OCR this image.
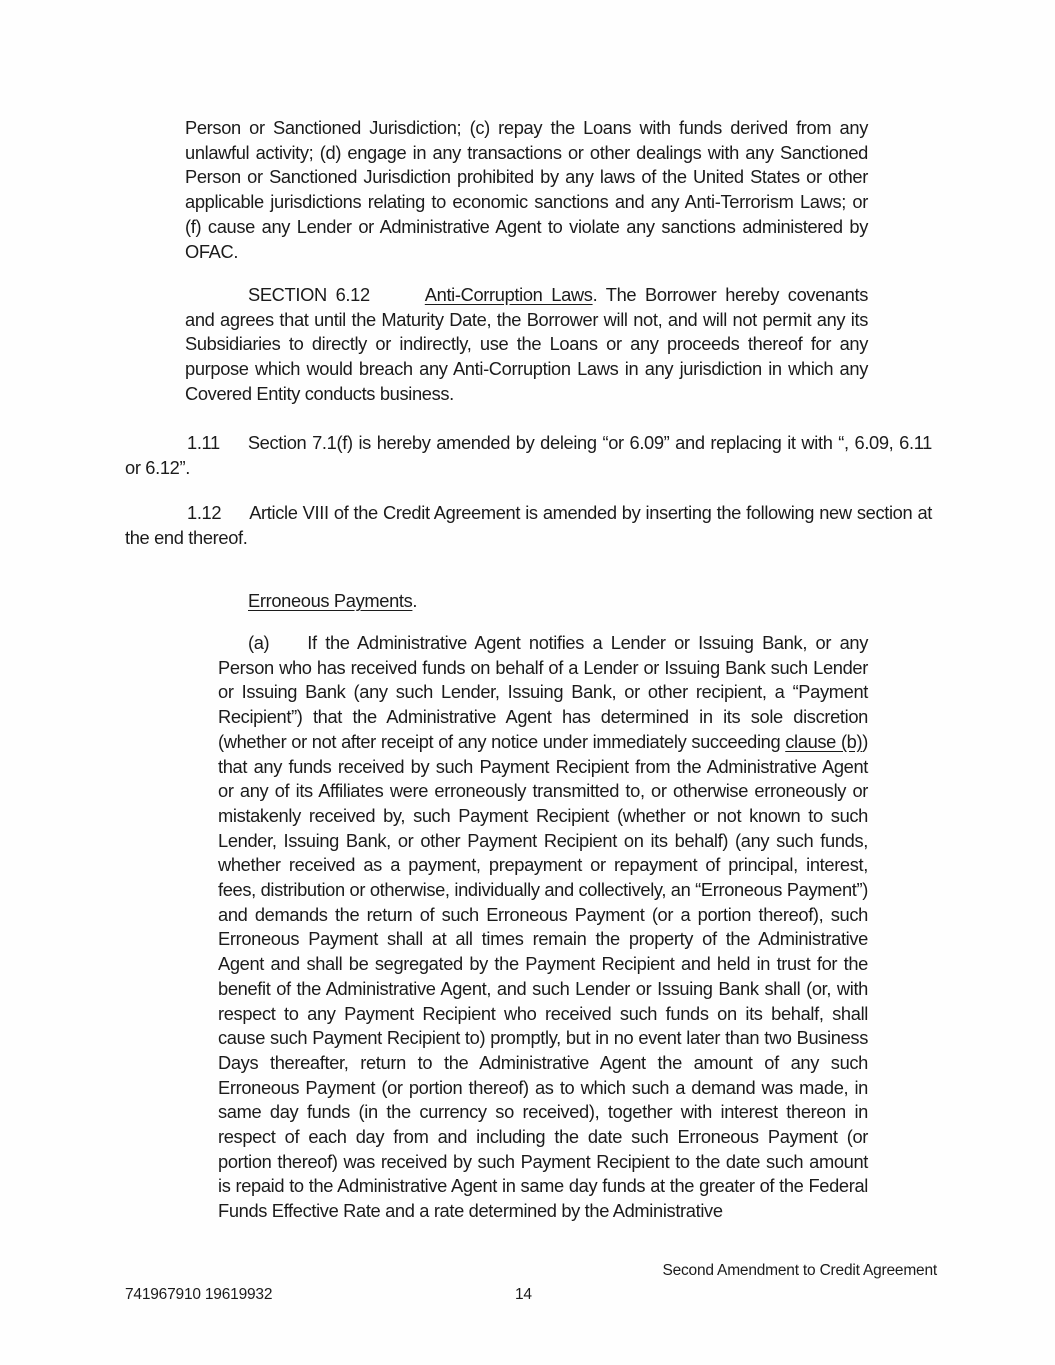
Person or Sanctioned Jurisdiction; (c) repay the Loans with funds derived from any unlawful activity; (d) engage in any transactions or other dealings with any Sanctioned Person or Sanctioned Jurisdiction prohibited by any laws of the United States or other applicable jurisdictions relating to economic sanctions and any Anti-Terrorism Laws; or (f) cause any Lender or Administrative Agent to violate any sanctions administered by OFAC.

SECTION 6.12	Anti-Corruption Laws. The Borrower hereby covenants and agrees that until the Maturity Date, the Borrower will not, and will not permit any its Subsidiaries to directly or indirectly, use the Loans or any proceeds thereof for any purpose which would breach any Anti-Corruption Laws in any jurisdiction in which any Covered Entity conducts business.

1.11 Section 7.1(f) is hereby amended by deleing “or 6.09” and replacing it with “, 6.09, 6.11 or 6.12”.

1.12 Article VIII of the Credit Agreement is amended by inserting the following new section at the end thereof.

Erroneous Payments.

(a) If the Administrative Agent notifies a Lender or Issuing Bank, or any Person who has received funds on behalf of a Lender or Issuing Bank such Lender or Issuing Bank (any such Lender, Issuing Bank, or other recipient, a “Payment Recipient”) that the Administrative Agent has determined in its sole discretion (whether or not after receipt of any notice under immediately succeeding clause (b)) that any funds received by such Payment Recipient from the Administrative Agent or any of its Affiliates were erroneously transmitted to, or otherwise erroneously or mistakenly received by, such Payment Recipient (whether or not known to such Lender, Issuing Bank, or other Payment Recipient on its behalf) (any such funds, whether received as a payment, prepayment or repayment of principal, interest, fees, distribution or otherwise, individually and collectively, an “Erroneous Payment”) and demands the return of such Erroneous Payment (or a portion thereof), such Erroneous Payment shall at all times remain the property of the Administrative Agent and shall be segregated by the Payment Recipient and held in trust for the benefit of the Administrative Agent, and such Lender or Issuing Bank shall (or, with respect to any Payment Recipient who received such funds on its behalf, shall cause such Payment Recipient to) promptly, but in no event later than two Business Days thereafter, return to the Administrative Agent the amount of any such Erroneous Payment (or portion thereof) as to which such a demand was made, in same day funds (in the currency so received), together with interest thereon in respect of each day from and including the date such Erroneous Payment (or portion thereof) was received by such Payment Recipient to the date such amount is repaid to the Administrative Agent in same day funds at the greater of the Federal Funds Effective Rate and a rate determined by the Administrative

Second Amendment to Credit Agreement
741967910 19619932	14
